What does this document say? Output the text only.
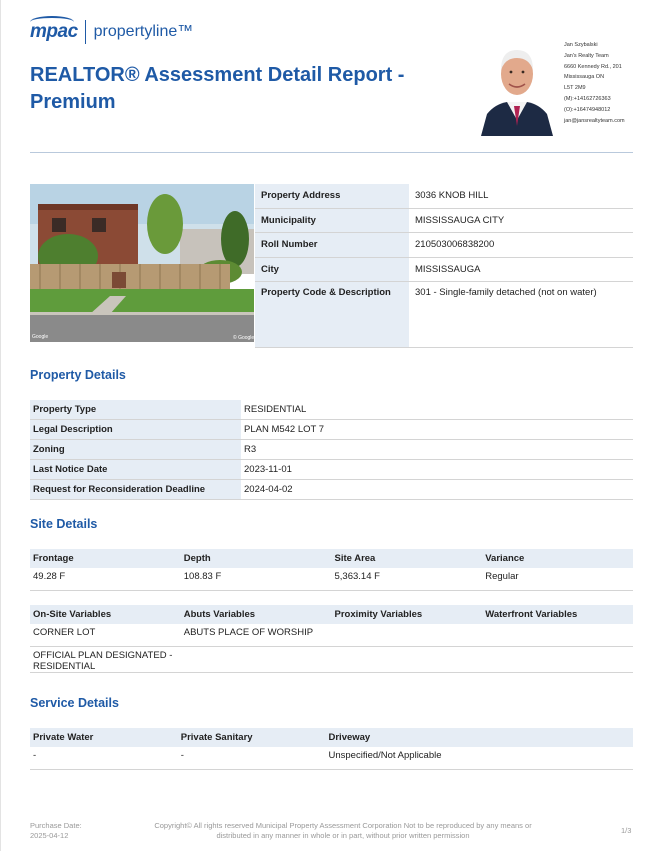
mpac propertyline™
REALTOR® Assessment Detail Report - Premium
Jan Szybalski
Jan's Realty Team
6660 Kennedy Rd., 201
Mississauga ON
L5T 2M9
(M):+14162726363
(O):+16474948012
jan@jansrealtyteam.com
Google	© Google
Property Address	3036 KNOB HILL
Municipality	MISSISSAUGA CITY
Roll Number	210503006838200
City	MISSISSAUGA
Property Code & Description	301 - Single-family detached (not on water)
Property Details
Property Type	RESIDENTIAL
Legal Description	PLAN M542 LOT 7
Zoning	R3
Last Notice Date	2023-11-01
Request for Reconsideration Deadline	2024-04-02
Site Details
Frontage	Depth	Site Area	Variance
49.28 F	108.83 F	5,363.14 F	Regular
On-Site Variables	Abuts Variables	Proximity Variables	Waterfront Variables
CORNER LOT	ABUTS PLACE OF WORSHIP		
OFFICIAL PLAN DESIGNATED - RESIDENTIAL			
Service Details
Private Water	Private Sanitary	Driveway
-	-	Unspecified/Not Applicable
Purchase Date:
2025-04-12
Copyright© All rights reserved Municipal Property Assessment Corporation Not to be reproduced by any means or
distributed in any manner in whole or in part, without prior written permission	1/3
